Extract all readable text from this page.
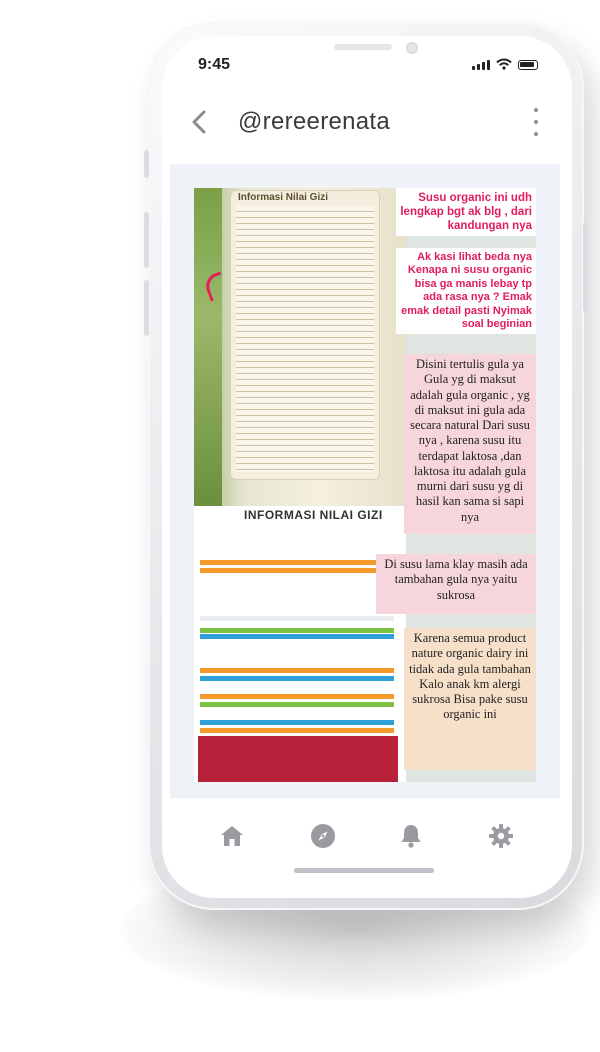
9:45
@rereerenata
Informasi Nilai Gizi
INFORMASI NILAI GIZI
Susu organic ini udh lengkap bgt ak blg , dari kandungan nya
Ak kasi lihat beda nya Kenapa ni susu organic bisa ga manis lebay tp ada rasa nya ? Emak emak detail pasti Nyimak soal beginian
Disini tertulis gula ya Gula yg di maksut adalah gula organic , yg di maksut ini gula ada secara natural Dari susu nya , karena susu itu terdapat laktosa ,dan laktosa itu adalah gula murni dari susu yg di hasil kan sama si sapi nya
Di susu lama klay masih ada tambahan gula nya yaitu sukrosa
Karena semua product nature organic dairy ini tidak ada gula tambahan Kalo anak km alergi sukrosa Bisa pake susu organic ini
